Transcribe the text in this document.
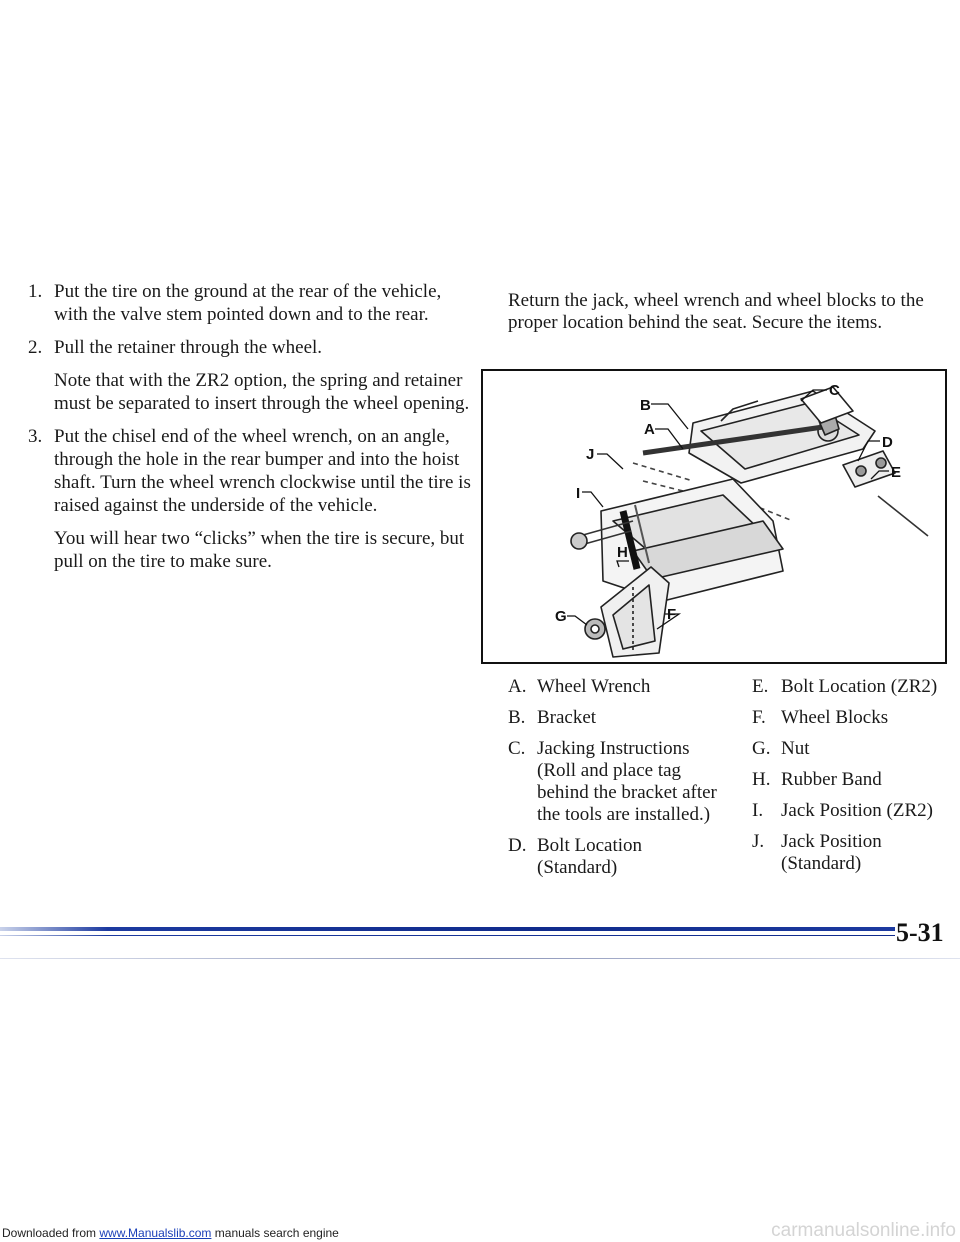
1. Put the tire on the ground at the rear of the vehicle, with the valve stem pointed down and to the rear.

2. Pull the retainer through the wheel.

Note that with the ZR2 option, the spring and retainer must be separated to insert through the wheel opening.

3. Put the chisel end of the wheel wrench, on an angle, through the hole in the rear bumper and into the hoist shaft. Turn the wheel wrench clockwise until the tire is raised against the underside of the vehicle.

You will hear two “clicks” when the tire is secure, but pull on the tire to make sure.

Return the jack, wheel wrench and wheel blocks to the proper location behind the seat. Secure the items.

B
A
C
D
E
F
G
H
I
J
A. Wheel Wrench
B. Bracket
C. Jacking Instructions (Roll and place tag behind the bracket after the tools are installed.)
D. Bolt Location (Standard)
E. Bolt Location (ZR2)
F. Wheel Blocks
G. Nut
H. Rubber Band
I. Jack Position (ZR2)
J. Jack Position (Standard)
5-31
Downloaded from www.Manualslib.com manuals search engine	carmanualsonline.info
